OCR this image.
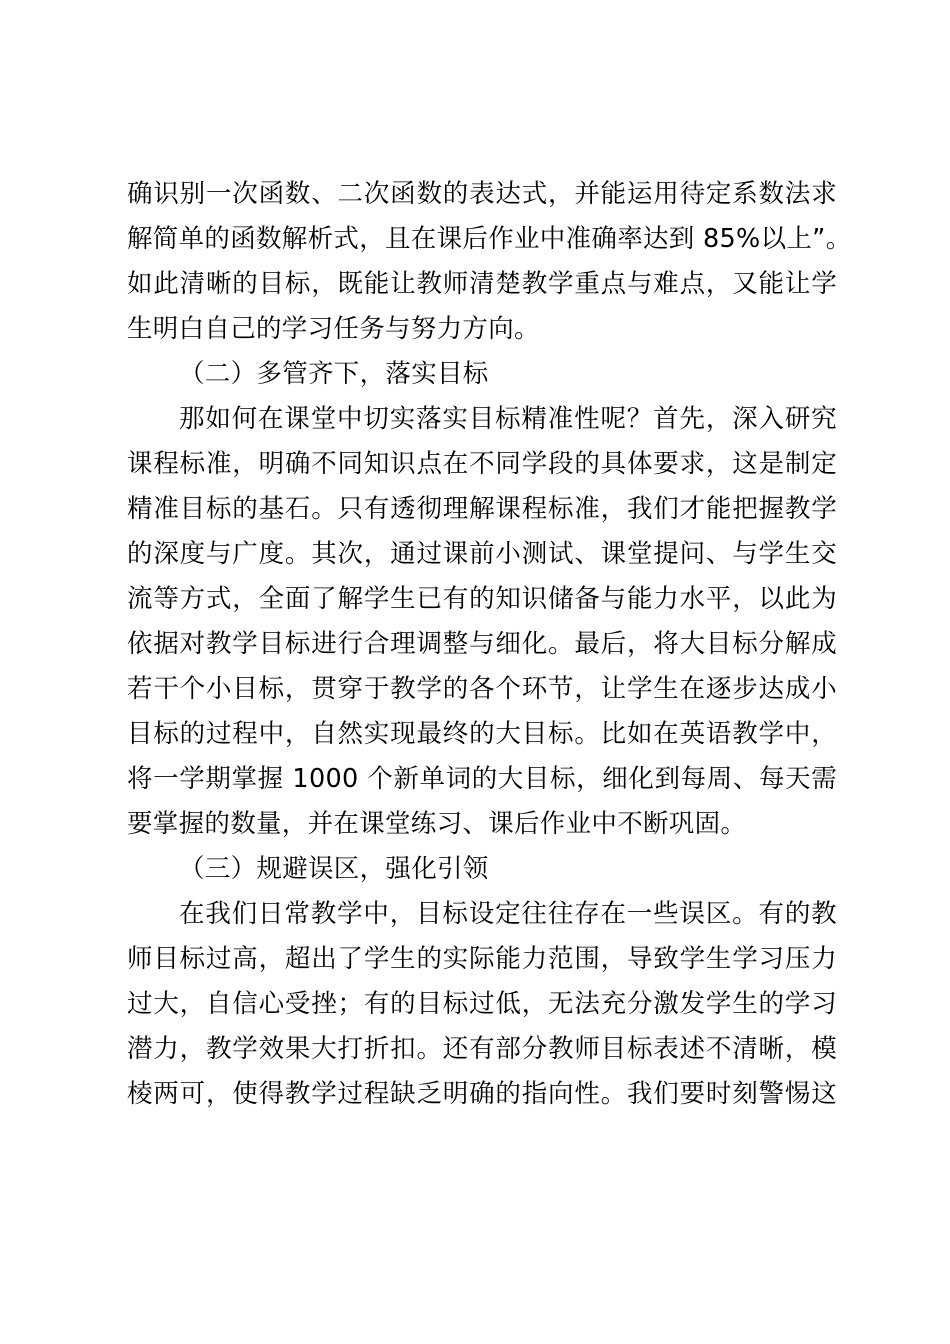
确识别一次函数、二次函数的表达式，并能运用待定系数法求
解简单的函数解析式，且在课后作业中准确率达到 85%以上”。
如此清晰的目标，既能让教师清楚教学重点与难点，又能让学
生明白自己的学习任务与努力方向。
（二）多管齐下，落实目标
那如何在课堂中切实落实目标精准性呢？首先，深入研究
课程标准，明确不同知识点在不同学段的具体要求，这是制定
精准目标的基石。只有透彻理解课程标准，我们才能把握教学
的深度与广度。其次，通过课前小测试、课堂提问、与学生交
流等方式，全面了解学生已有的知识储备与能力水平，以此为
依据对教学目标进行合理调整与细化。最后，将大目标分解成
若干个小目标，贯穿于教学的各个环节，让学生在逐步达成小
目标的过程中，自然实现最终的大目标。比如在英语教学中，
将一学期掌握 1000 个新单词的大目标，细化到每周、每天需
要掌握的数量，并在课堂练习、课后作业中不断巩固。
（三）规避误区，强化引领
在我们日常教学中，目标设定往往存在一些误区。有的教
师目标过高，超出了学生的实际能力范围，导致学生学习压力
过大，自信心受挫；有的目标过低，无法充分激发学生的学习
潜力，教学效果大打折扣。还有部分教师目标表述不清晰，模
棱两可，使得教学过程缺乏明确的指向性。我们要时刻警惕这
